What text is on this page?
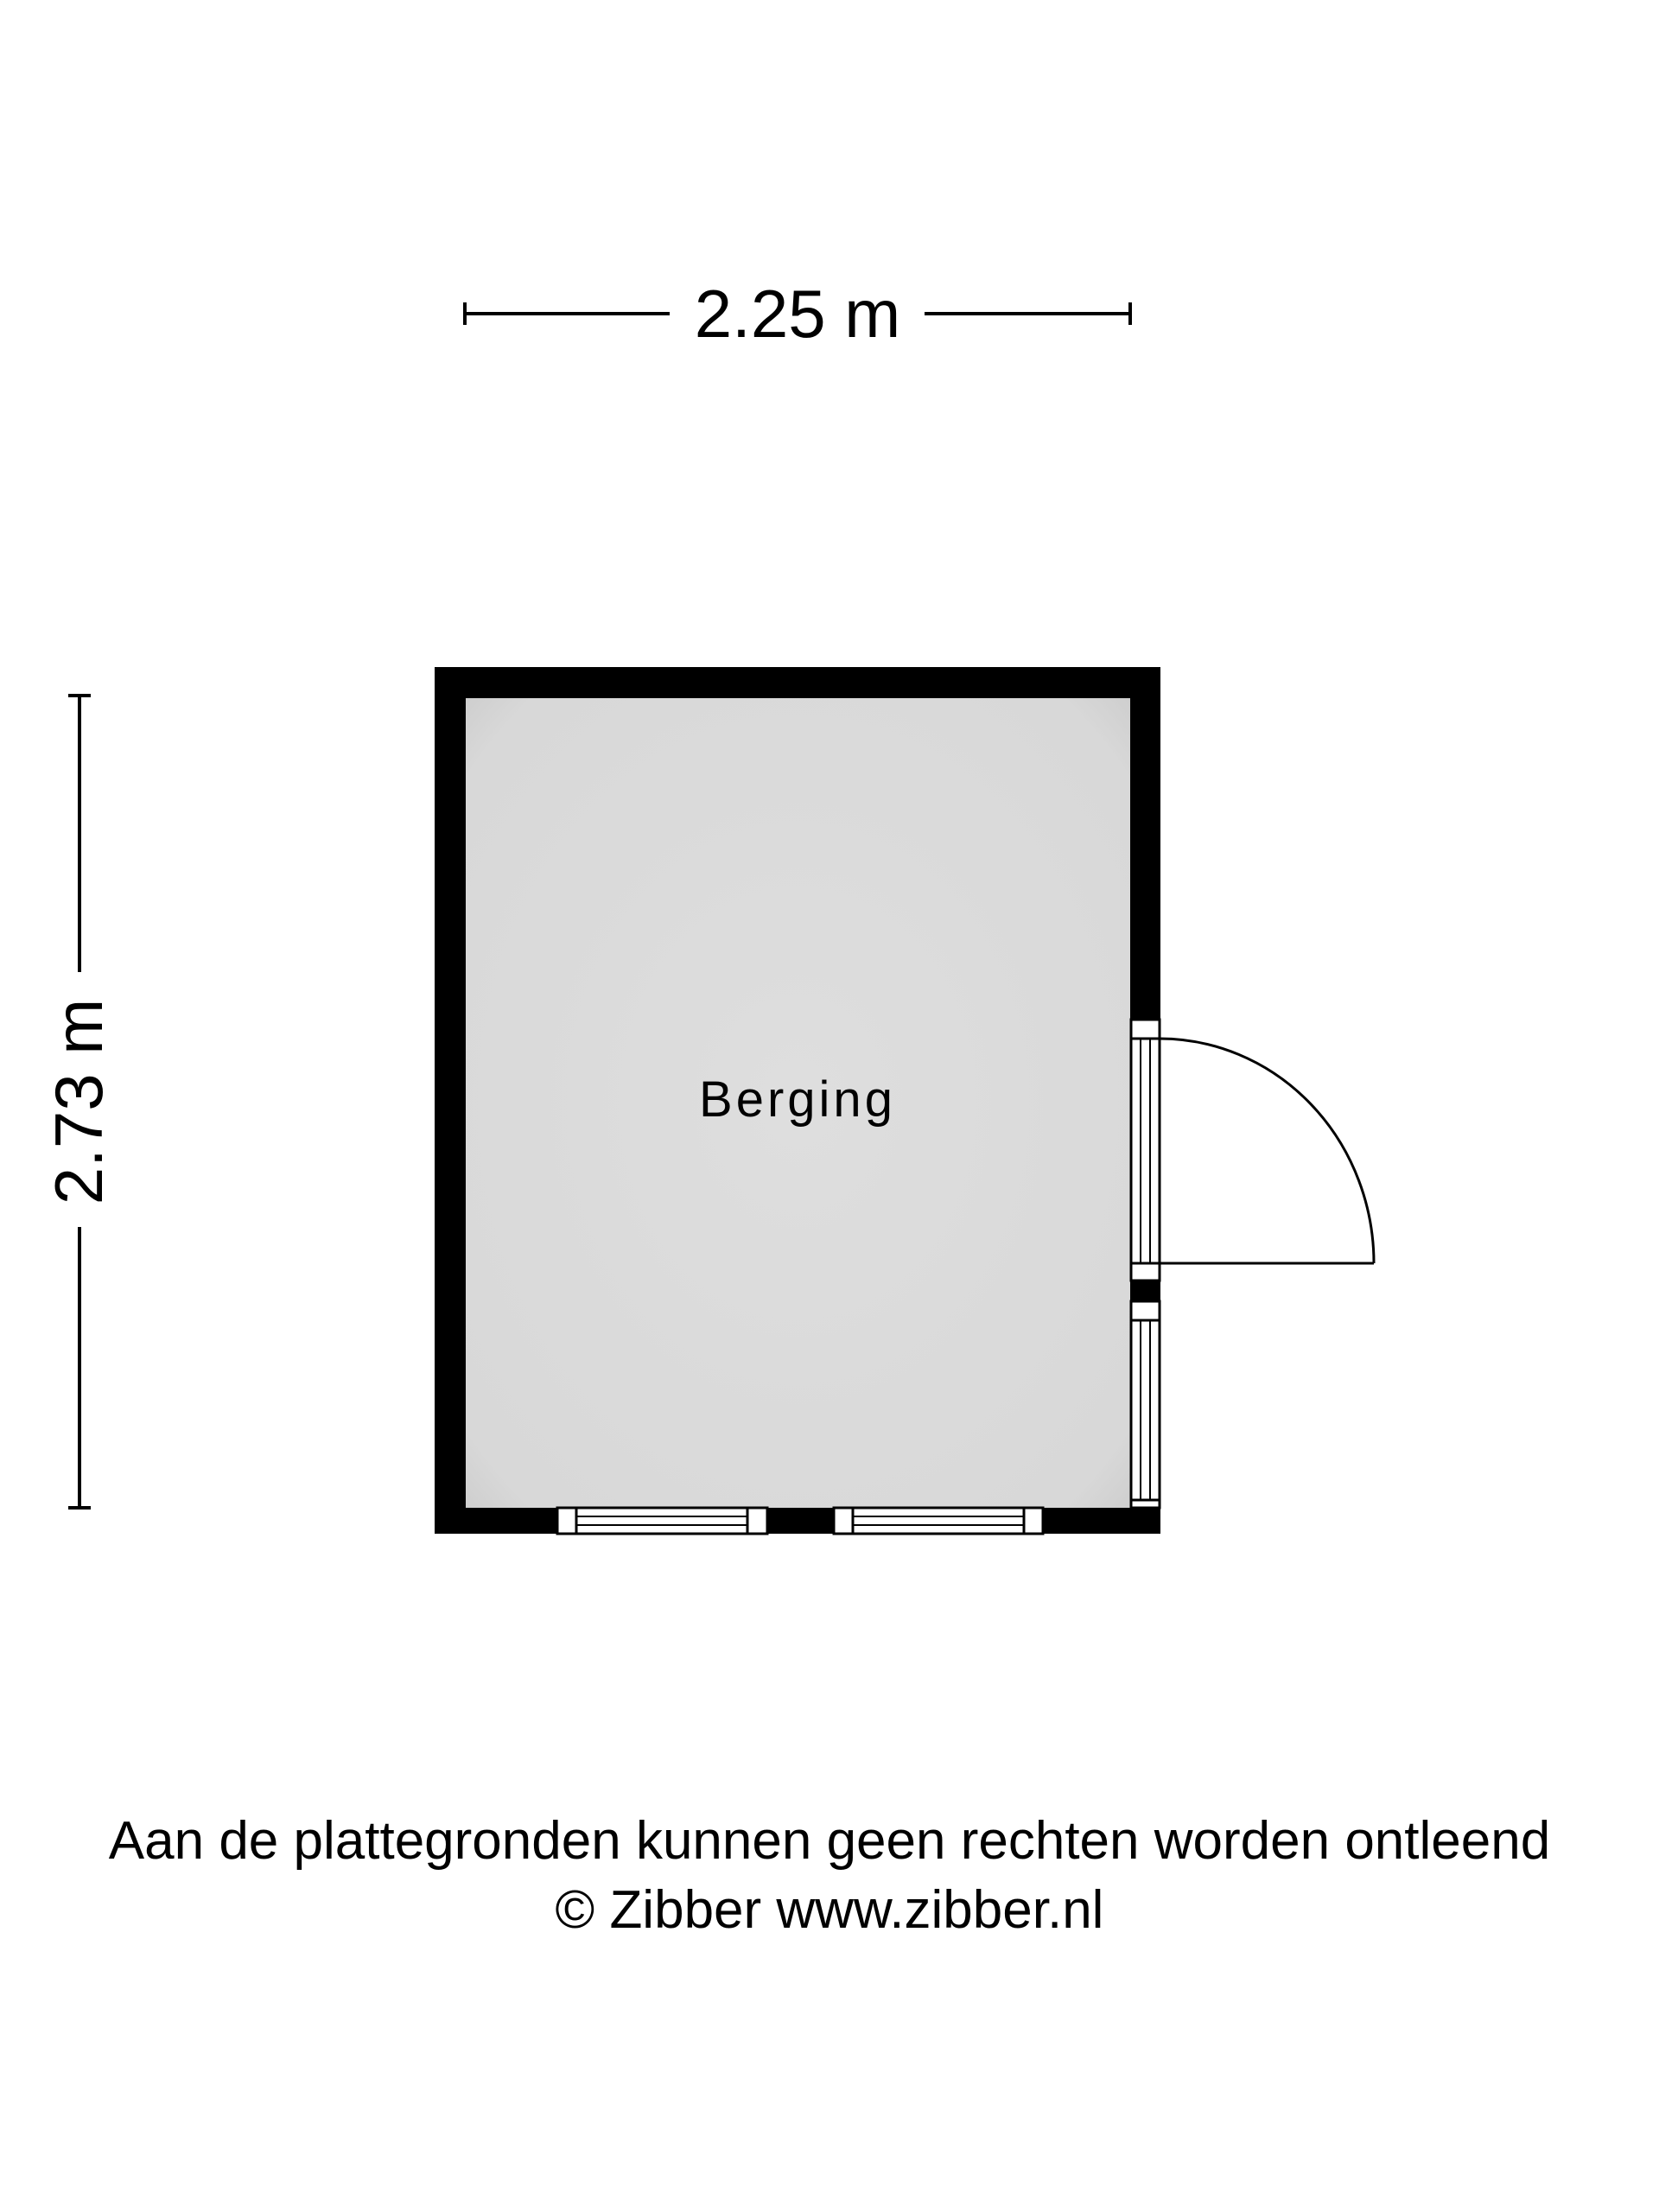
2.25 m
2.73 m	Berging
Aan de plattegronden kunnen geen rechten worden ontleend
© Zibber www.zibber.nl
